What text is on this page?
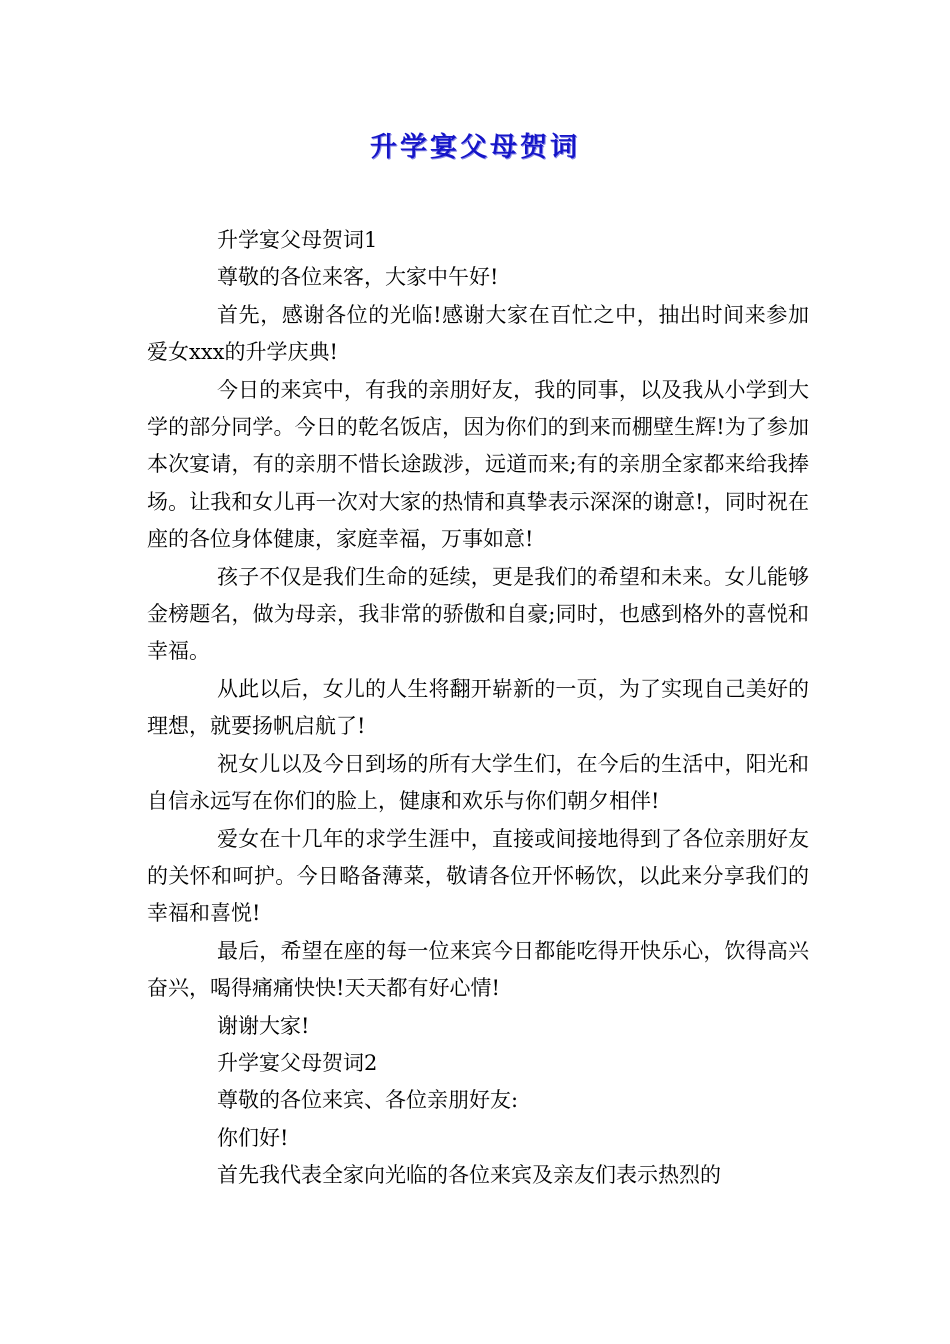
升学宴父母贺词

升学宴父母贺词1

尊敬的各位来客，大家中午好!

首先，感谢各位的光临!感谢大家在百忙之中，抽出时间来参加爱女xxx的升学庆典!

今日的来宾中，有我的亲朋好友，我的同事，以及我从小学到大学的部分同学。今日的乾名饭店，因为你们的到来而棚壁生辉!为了参加本次宴请，有的亲朋不惜长途跋涉，远道而来;有的亲朋全家都来给我捧场。让我和女儿再一次对大家的热情和真挚表示深深的谢意!，同时祝在座的各位身体健康，家庭幸福，万事如意!

孩子不仅是我们生命的延续，更是我们的希望和未来。女儿能够金榜题名，做为母亲，我非常的骄傲和自豪;同时，也感到格外的喜悦和幸福。

从此以后，女儿的人生将翻开崭新的一页，为了实现自己美好的理想，就要扬帆启航了!

祝女儿以及今日到场的所有大学生们，在今后的生活中，阳光和自信永远写在你们的脸上，健康和欢乐与你们朝夕相伴!

爱女在十几年的求学生涯中，直接或间接地得到了各位亲朋好友的关怀和呵护。今日略备薄菜，敬请各位开怀畅饮，以此来分享我们的幸福和喜悦!

最后，希望在座的每一位来宾今日都能吃得开快乐心，饮得高兴奋兴，喝得痛痛快快!天天都有好心情!

谢谢大家!

升学宴父母贺词2

尊敬的各位来宾、各位亲朋好友:

你们好!

首先我代表全家向光临的各位来宾及亲友们表示热烈的
